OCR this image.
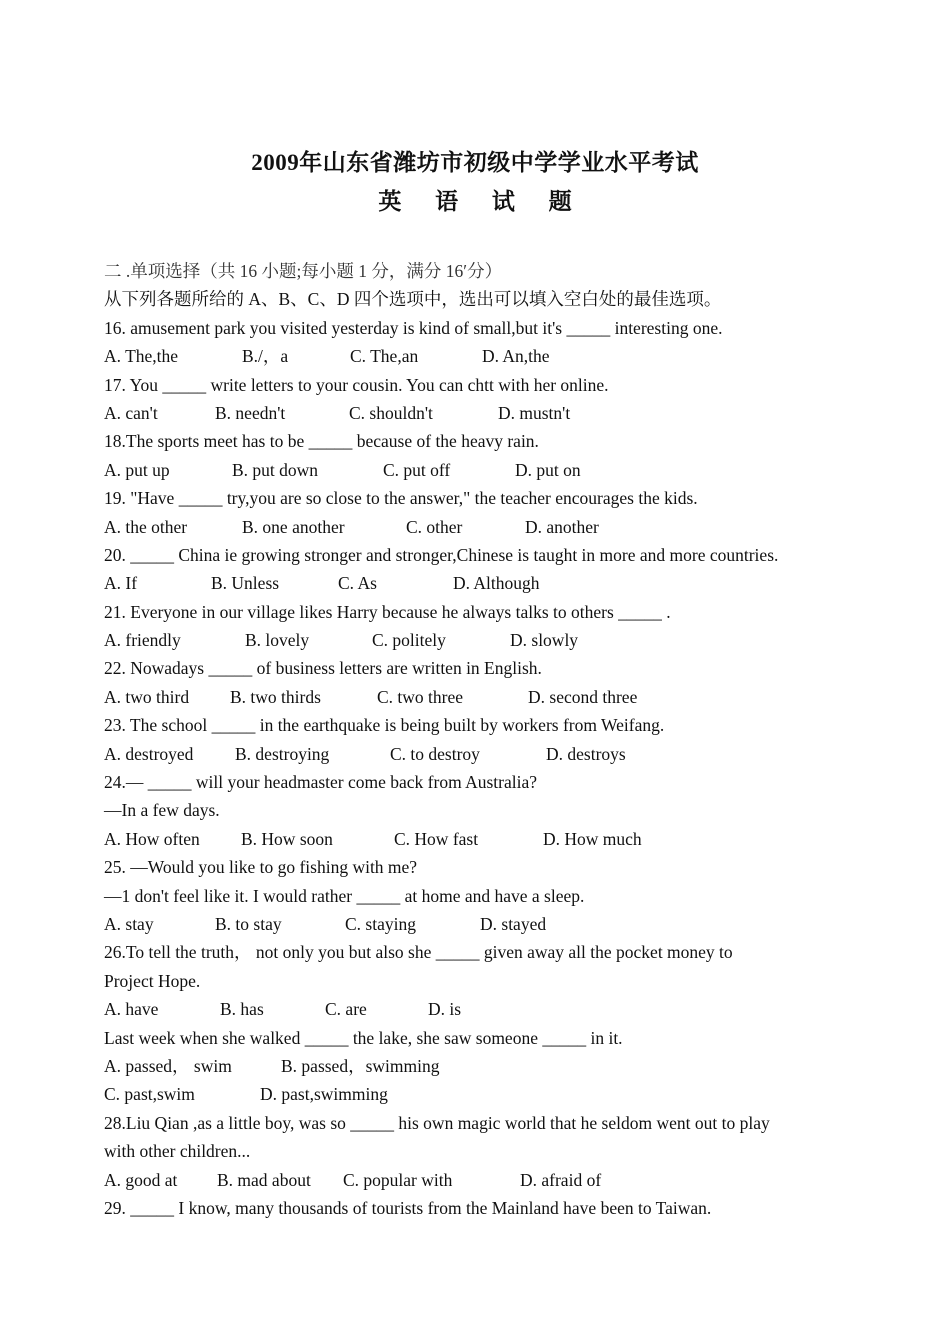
2009年山东省潍坊市初级中学学业水平考试
英 语 试 题
二 .单项选择（共 16 小题;每小题 1 分，满分 16′分）
从下列各题所给的 A、B、C、D 四个选项中，选出可以填入空白处的最佳选项。
16. amusement park you visited yesterday is kind of small,but it's _____ interesting one.
A. The,the	B./，a	C. The,an	D. An,the
17. You _____ write letters to your cousin. You can chtt with her online.
A. can't	B. needn't	C. shouldn't	D. mustn't
18.The sports meet has to be _____ because of the heavy rain.
A. put up	B. put down	C. put off	D. put on
19. "Have _____ try,you are so close to the answer," the teacher encourages the kids.
A. the other	B. one another	C. other	D. another
20. _____ China ie growing stronger and stronger,Chinese is taught in more and more countries.
A. If	B. Unless	C. As	D. Although
21. Everyone in our village likes Harry because he always talks to others _____ .
A. friendly	B. lovely	C. politely	D. slowly
22. Nowadays _____ of business letters are written in English.
A. two third B. two thirds	C. two three	D. second three
23. The school _____ in the earthquake is being built by workers from Weifang.
A. destroyed B. destroying	C. to destroy	D. destroys
24.— _____ will your headmaster come back from Australia?
—In a few days.
A. How often B. How soon	C. How fast	D. How much
25. —Would you like to go fishing with me?
—1 don't feel like it. I would rather _____ at home and have a sleep.
A. stay	B. to stay	C. staying	D. stayed
26.To tell the truth， not only you but also she _____ given away all the pocket money to
Project Hope.
A. have	B. has	C. are	D. is
Last week when she walked _____ the lake, she saw someone _____ in it.
A. passed， swim	B. passed，swimming
C. past,swim	D. past,swimming
28.Liu Qian ,as a little boy, was so _____ his own magic world that he seldom went out to play
with other children...
A. good at B. mad about C. popular with	D. afraid of
29. _____ I know, many thousands of tourists from the Mainland have been to Taiwan.
